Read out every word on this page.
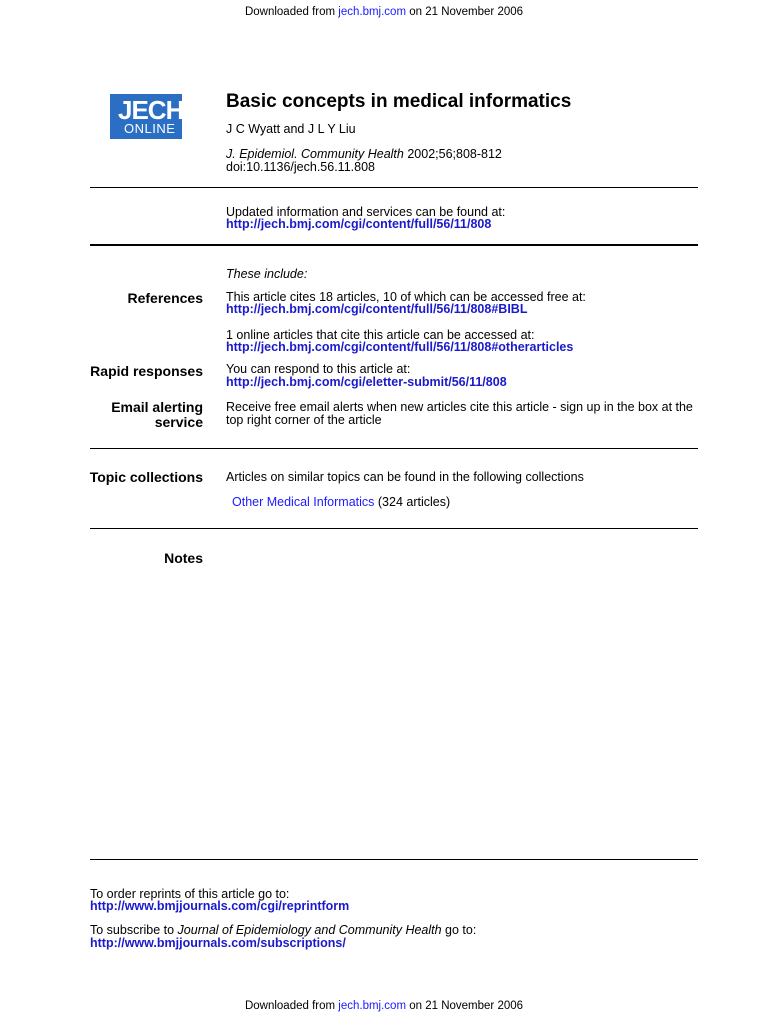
Downloaded from jech.bmj.com on 21 November 2006
JECH
ONLINE
Basic concepts in medical informatics
J C Wyatt and J L Y Liu
J. Epidemiol. Community Health 2002;56;808-812
doi:10.1136/jech.56.11.808
Updated information and services can be found at:
http://jech.bmj.com/cgi/content/full/56/11/808
These include:
References This article cites 18 articles, 10 of which can be accessed free at:
http://jech.bmj.com/cgi/content/full/56/11/808#BIBL
1 online articles that cite this article can be accessed at:
http://jech.bmj.com/cgi/content/full/56/11/808#otherarticles
Rapid responses You can respond to this article at:
http://jech.bmj.com/cgi/eletter-submit/56/11/808
Email alerting
service
Receive free email alerts when new articles cite this article - sign up in the box at the
top right corner of the article
Topic collections Articles on similar topics can be found in the following collections
Other Medical Informatics (324 articles)
Notes
To order reprints of this article go to:
http://www.bmjjournals.com/cgi/reprintform
To subscribe to Journal of Epidemiology and Community Health go to:
http://www.bmjjournals.com/subscriptions/
Downloaded from jech.bmj.com on 21 November 2006
